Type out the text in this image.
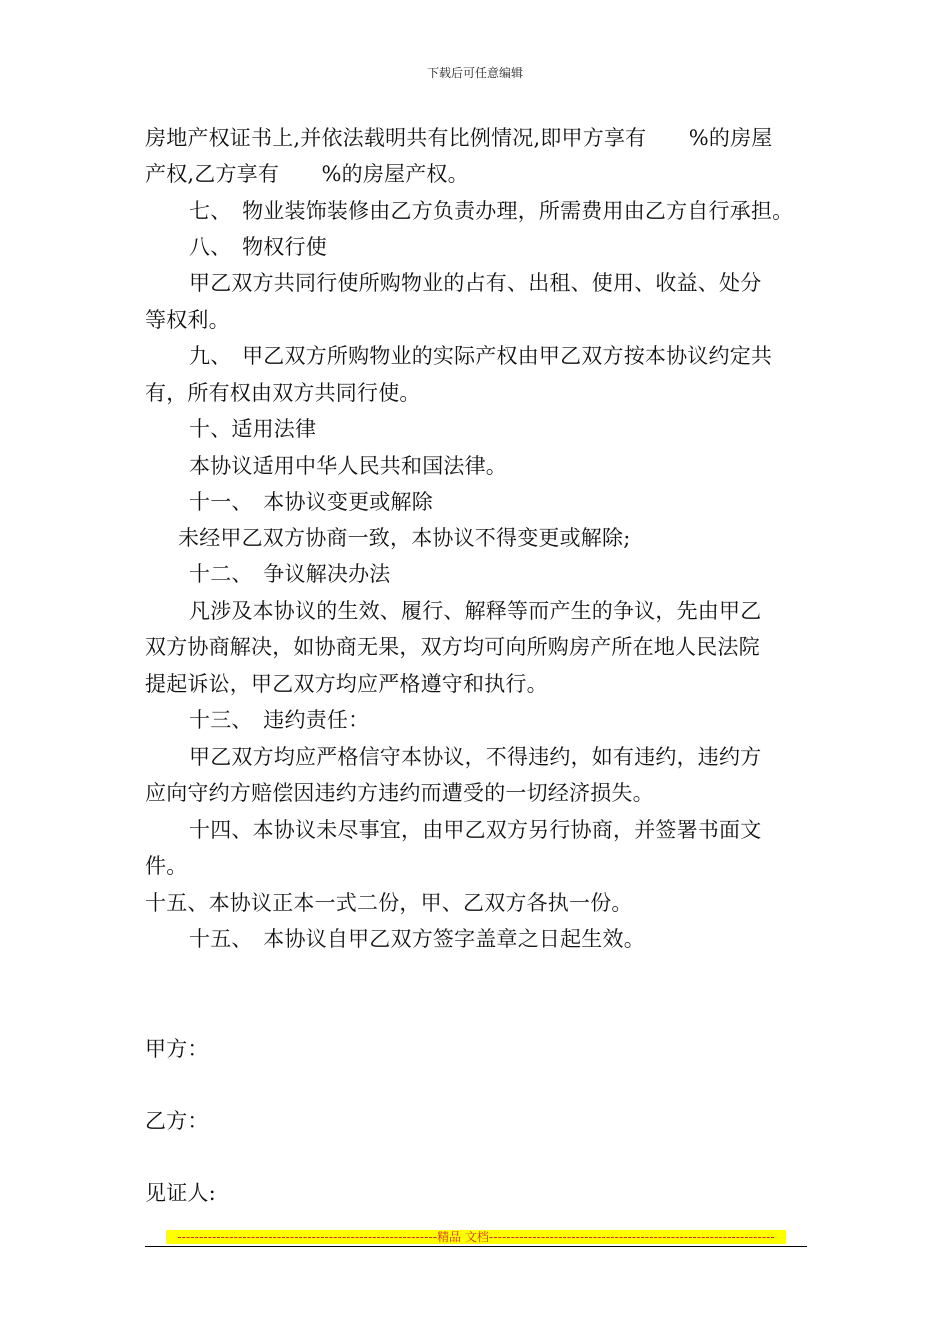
下载后可任意编辑
房地产权证书上,并依法载明共有比例情况,即甲方享有　　%的房屋
产权,乙方享有　　%的房屋产权。
七、　物业装饰装修由乙方负责办理，所需费用由乙方自行承担。
八、　物权行使
甲乙双方共同行使所购物业的占有、出租、使用、收益、处分
等权利。
九、　甲乙双方所购物业的实际产权由甲乙双方按本协议约定共
有，所有权由双方共同行使。
十、适用法律
本协议适用中华人民共和国法律。
十一、　本协议变更或解除
未经甲乙双方协商一致，本协议不得变更或解除;
十二、　争议解决办法
凡涉及本协议的生效、履行、解释等而产生的争议，先由甲乙
双方协商解决，如协商无果，双方均可向所购房产所在地人民法院
提起诉讼，甲乙双方均应严格遵守和执行。
十三、　违约责任：
甲乙双方均应严格信守本协议，不得违约，如有违约，违约方
应向守约方赔偿因违约方违约而遭受的一切经济损失。
十四、本协议未尽事宜，由甲乙双方另行协商，并签署书面文
件。
十五、本协议正本一式二份，甲、乙双方各执一份。
十五、　本协议自甲乙双方签字盖章之日起生效。
甲方：
乙方：
见证人:
------------------------------------------------------------精品 文档------------------------------------------------------------------
